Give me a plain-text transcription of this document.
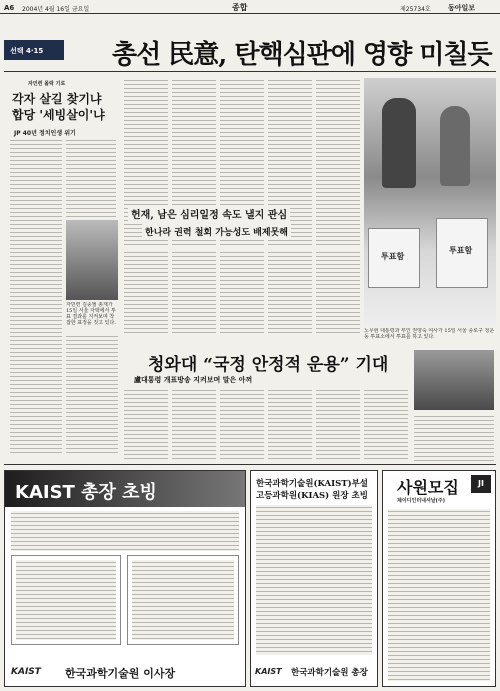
A6 2004년 4월 16일 금요일	종합	제25734호 동아일보
선택 4·15	총선 民意, 탄핵심판에 영향 미칠듯
자민련 몰락 기로
각자 살길 찾기냐
합당 '세빙살이'냐
JP 40년 정치인생 위기
자민련 김종필 총재가 15일 서울 자택에서 투표 결과를 지켜보며 착잡한 표정을 짓고 있다.
헌재, 남은 심리일정 속도 낼지 관심
한나라 권력 철회 가능성도 배제못해
투표함
투표함
노무현 대통령과 부인 권양숙 여사가 15일 서울 종로구 청운동 투표소에서 투표를 하고 있다.
청와대 “국정 안정적 운용” 기대
盧대통령 개표방송 지켜보며 말은 아껴
KAIST 총장 초빙
KAIST 한국과학기술원 이사장
한국과학기술원(KAIST)부설
고등과학원(KIAS) 원장 초빙
KAIST 한국과학기술원 총장
사원모집	JI
제이디인터내셔날(주)
